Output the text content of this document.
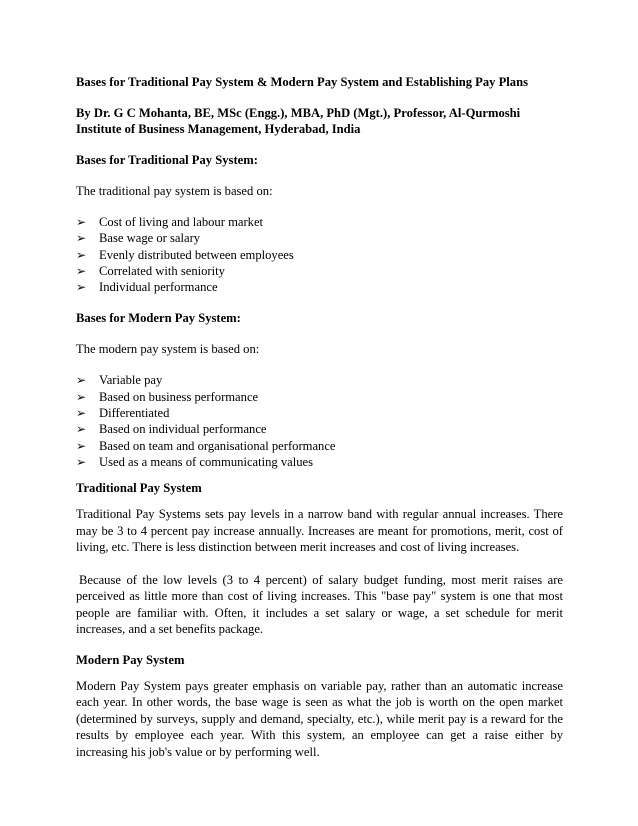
Bases for Traditional Pay System & Modern Pay System and Establishing Pay Plans

By Dr. G C Mohanta, BE, MSc (Engg.), MBA, PhD (Mgt.), Professor, Al-Qurmoshi
Institute of Business Management, Hyderabad, India

Bases for Traditional Pay System:

The traditional pay system is based on:

➢ Cost of living and labour market
➢ Base wage or salary
➢ Evenly distributed between employees
➢ Correlated with seniority
➢ Individual performance

Bases for Modern Pay System:

The modern pay system is based on:

➢ Variable pay
➢ Based on business performance
➢ Differentiated
➢ Based on individual performance
➢ Based on team and organisational performance
➢ Used as a means of communicating values

Traditional Pay System

Traditional Pay Systems sets pay levels in a narrow band with regular annual increases. There may be 3 to 4 percent pay increase annually. Increases are meant for promotions, merit, cost of living, etc. There is less distinction between merit increases and cost of living increases.

Because of the low levels (3 to 4 percent) of salary budget funding, most merit raises are perceived as little more than cost of living increases. This "base pay" system is one that most people are familiar with. Often, it includes a set salary or wage, a set schedule for merit increases, and a set benefits package.

Modern Pay System

Modern Pay System pays greater emphasis on variable pay, rather than an automatic increase each year. In other words, the base wage is seen as what the job is worth on the open market (determined by surveys, supply and demand, specialty, etc.), while merit pay is a reward for the results by employee each year. With this system, an employee can get a raise either by increasing his job's value or by performing well.
